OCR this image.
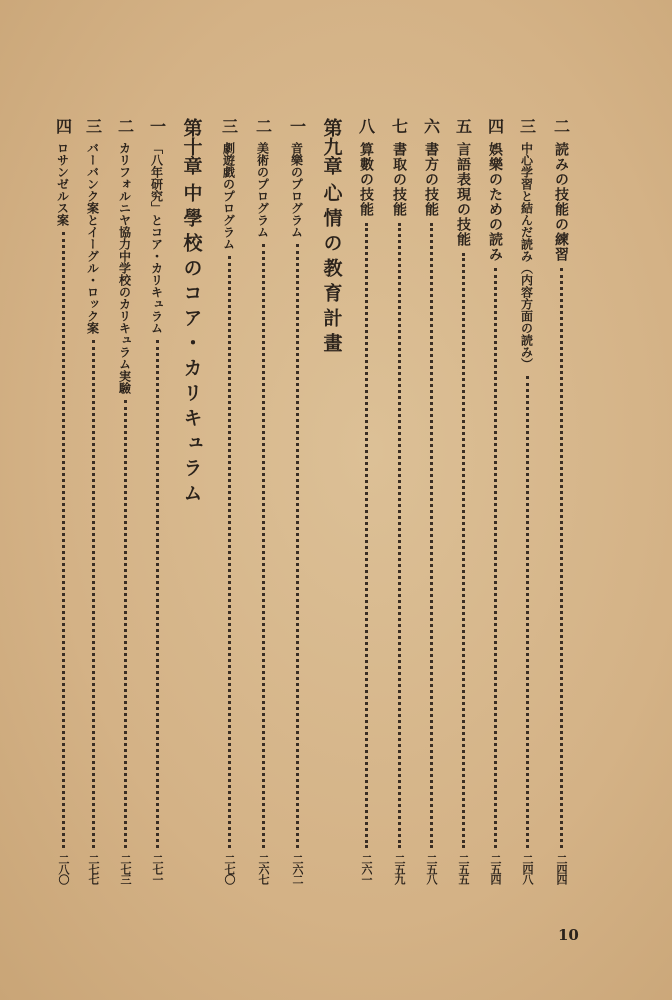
二
読みの技能の練習
二四四
三
中心学習と結んだ読み（内容方面の読み）
二四八
四
娯樂のための読み
二五四
五
言語表現の技能
二五五
六
書方の技能
二五八
七
書取の技能
二五九
八
算數の技能
二六一
第九章
心情の教育計畫
一
音樂のプログラム
二六二
二
美術のプログラム
二六七
三
劇遊戯のプログラム
二七〇
第十章
中學校のコア・カリキュラム
一
「八年研究」とコア・カリキュラム
二七一
二
カリフォルニヤ協力中学校のカリキュラム実驗
二七三
三
バーバンク案とイーグル・ロック案
二七七
四
ロサンゼルス案
二八〇
10
